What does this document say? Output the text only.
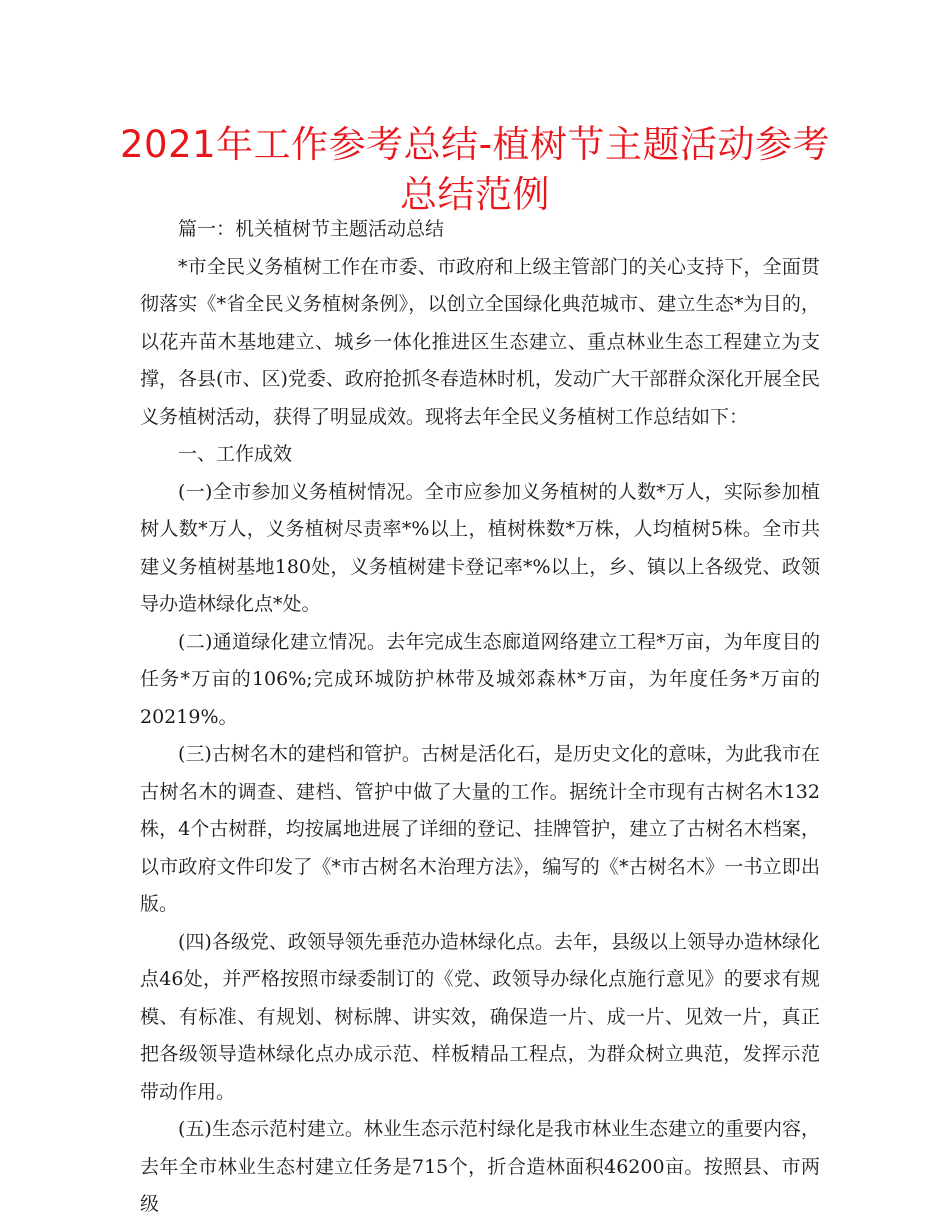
2021年工作参考总结-植树节主题活动参考总结范例

篇一：机关植树节主题活动总结

*市全民义务植树工作在市委、市政府和上级主管部门的关心支持下，全面贯彻落实《*省全民义务植树条例》，以创立全国绿化典范城市、建立生态*为目的，以花卉苗木基地建立、城乡一体化推进区生态建立、重点林业生态工程建立为支撑，各县(市、区)党委、政府抢抓冬春造林时机，发动广大干部群众深化开展全民义务植树活动，获得了明显成效。现将去年全民义务植树工作总结如下：

一、工作成效

(一)全市参加义务植树情况。全市应参加义务植树的人数*万人，实际参加植树人数*万人，义务植树尽责率*%以上，植树株数*万株，人均植树5株。全市共建义务植树基地180处，义务植树建卡登记率*%以上，乡、镇以上各级党、政领导办造林绿化点*处。

(二)通道绿化建立情况。去年完成生态廊道网络建立工程*万亩，为年度目的任务*万亩的106%;完成环城防护林带及城郊森林*万亩，为年度任务*万亩的20219%。

(三)古树名木的建档和管护。古树是活化石，是历史文化的意味，为此我市在古树名木的调查、建档、管护中做了大量的工作。据统计全市现有古树名木132株，4个古树群，均按属地进展了详细的登记、挂牌管护，建立了古树名木档案，以市政府文件印发了《*市古树名木治理方法》，编写的《*古树名木》一书立即出版。

(四)各级党、政领导领先垂范办造林绿化点。去年，县级以上领导办造林绿化点46处，并严格按照市绿委制订的《党、政领导办绿化点施行意见》的要求有规模、有标准、有规划、树标牌、讲实效，确保造一片、成一片、见效一片，真正把各级领导造林绿化点办成示范、样板精品工程点，为群众树立典范，发挥示范带动作用。

(五)生态示范村建立。林业生态示范村绿化是我市林业生态建立的重要内容，去年全市林业生态村建立任务是715个，折合造林面积46200亩。按照县、市两级
